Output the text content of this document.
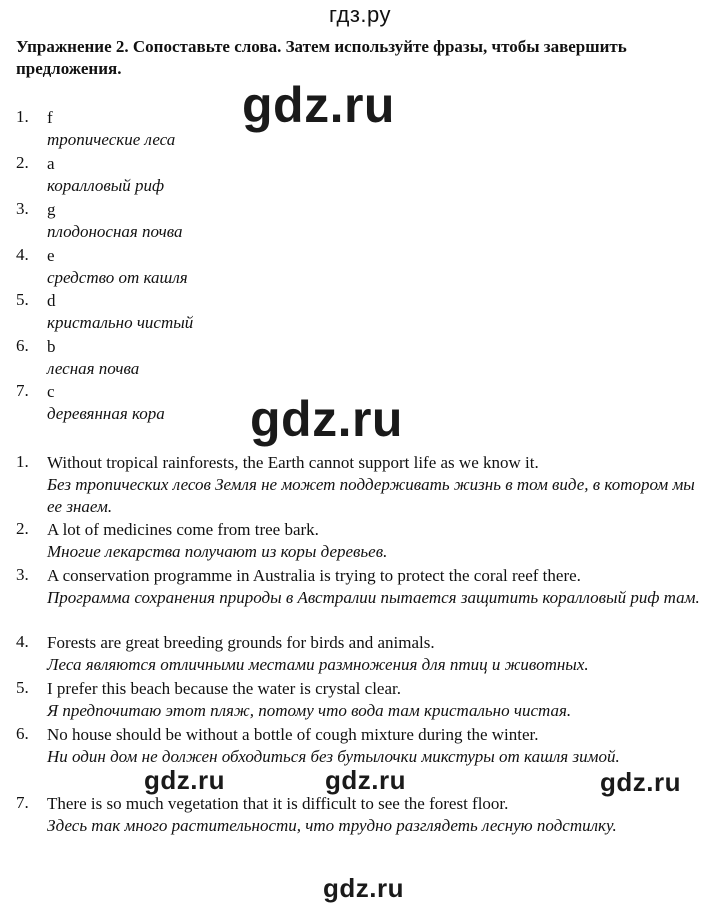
гдз.ру
Упражнение 2. Сопоставьте слова. Затем используйте фразы, чтобы завершить предложения.
gdz.ru
gdz.ru
gdz.ru	gdz.ru	gdz.ru
gdz.ru
1. f
тропические леса
2. a
коралловый риф
3. g
плодоносная почва
4. e
средство от кашля
5. d
кристально чистый
6. b
лесная почва
7. c
деревянная кора
1. Without tropical rainforests, the Earth cannot support life as we know it.
Без тропических лесов Земля не может поддерживать жизнь в том виде, в котором мы ее знаем.
2. A lot of medicines come from tree bark.
Многие лекарства получают из коры деревьев.
3. A conservation programme in Australia is trying to protect the coral reef there.
Программа сохранения природы в Австралии пытается защитить коралловый риф там.
4. Forests are great breeding grounds for birds and animals.
Леса являются отличными местами размножения для птиц и животных.
5. I prefer this beach because the water is crystal clear.
Я предпочитаю этот пляж, потому что вода там кристально чистая.
6. No house should be without a bottle of cough mixture during the winter.
Ни один дом не должен обходиться без бутылочки микстуры от кашля зимой.
7. There is so much vegetation that it is difficult to see the forest floor.
Здесь так много растительности, что трудно разглядеть лесную подстилку.
